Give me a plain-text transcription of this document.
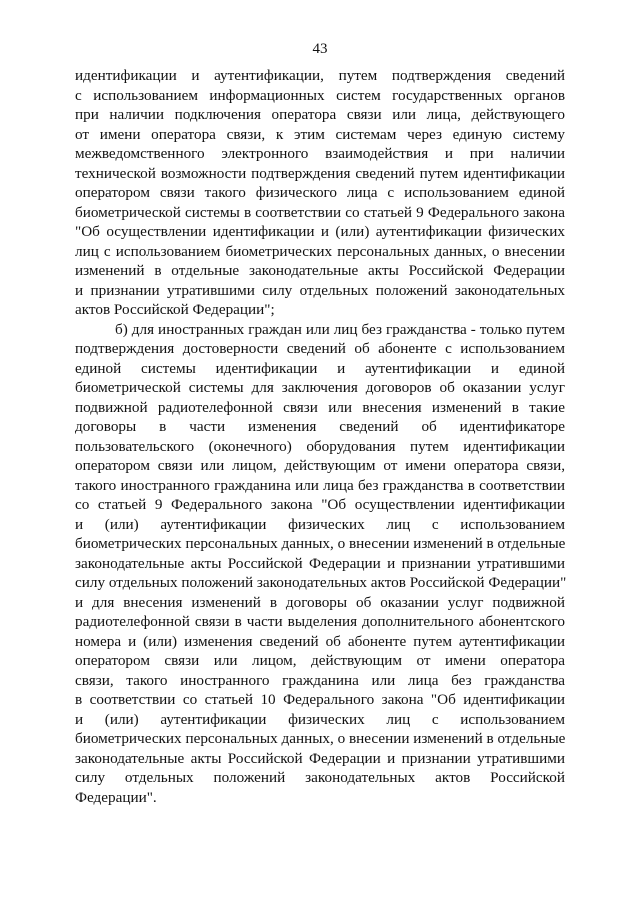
43
идентификации и аутентификации, путем подтверждения сведений
с использованием информационных систем государственных органов
при наличии подключения оператора связи или лица, действующего
от имени оператора связи, к этим системам через единую систему
межведомственного электронного взаимодействия и при наличии
технической возможности подтверждения сведений путем идентификации
оператором связи такого физического лица с использованием единой
биометрической системы в соответствии со статьей 9 Федерального закона
"Об осуществлении идентификации и (или) аутентификации физических
лиц с использованием биометрических персональных данных, о внесении
изменений в отдельные законодательные акты Российской Федерации
и признании утратившими силу отдельных положений законодательных
актов Российской Федерации";
б) для иностранных граждан или лиц без гражданства - только путем
подтверждения достоверности сведений об абоненте с использованием
единой системы идентификации и аутентификации и единой
биометрической системы для заключения договоров об оказании услуг
подвижной радиотелефонной связи или внесения изменений в такие
договоры в части изменения сведений об идентификаторе
пользовательского (оконечного) оборудования путем идентификации
оператором связи или лицом, действующим от имени оператора связи,
такого иностранного гражданина или лица без гражданства в соответствии
со статьей 9 Федерального закона "Об осуществлении идентификации
и (или) аутентификации физических лиц с использованием
биометрических персональных данных, о внесении изменений в отдельные
законодательные акты Российской Федерации и признании утратившими
силу отдельных положений законодательных актов Российской Федерации"
и для внесения изменений в договоры об оказании услуг подвижной
радиотелефонной связи в части выделения дополнительного абонентского
номера и (или) изменения сведений об абоненте путем аутентификации
оператором связи или лицом, действующим от имени оператора
связи, такого иностранного гражданина или лица без гражданства
в соответствии со статьей 10 Федерального закона "Об идентификации
и (или) аутентификации физических лиц с использованием
биометрических персональных данных, о внесении изменений в отдельные
законодательные акты Российской Федерации и признании утратившими
силу отдельных положений законодательных актов Российской
Федерации".
